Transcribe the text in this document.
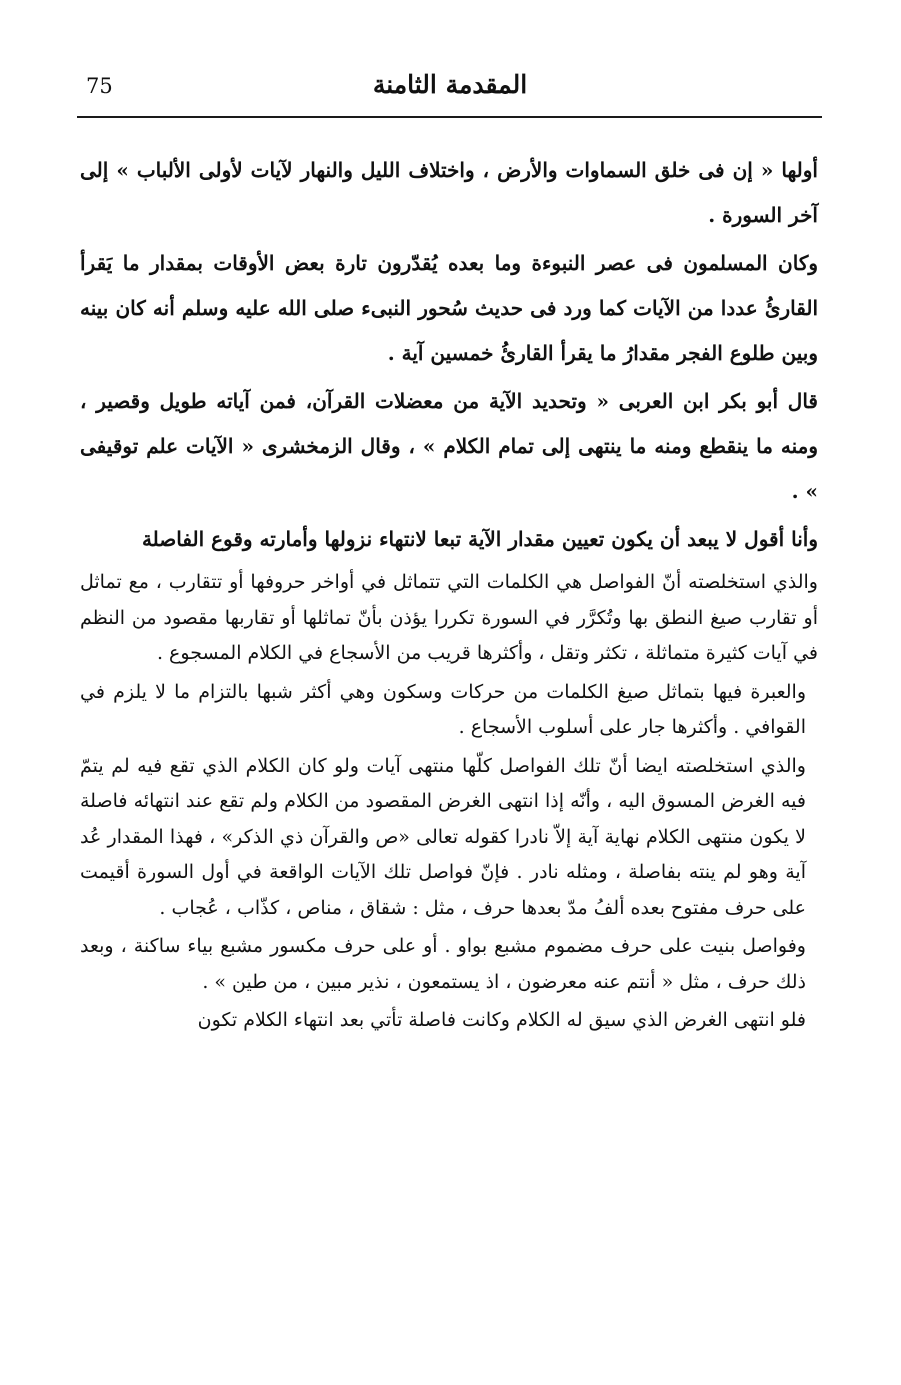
75	المقدمة الثامنة

أولها « إن فى خلق السماوات والأرض ، واختلاف الليل والنهار لآيات لأولى الألباب » إلى آخر السورة .

وكان المسلمون فى عصر النبوءة وما بعده يُقدّرون تارة بعض الأوقات بمقدار ما يَقرأ القارئُ عددا من الآيات كما ورد فى حديث سُحور النبىء صلى الله عليه وسلم أنه كان بينه وبين طلوع الفجر مقدارُ ما يقرأ القارئُ خمسين آية .

قال أبو بكر ابن العربى « وتحديد الآية من معضلات القرآن، فمن آياته طويل وقصير ، ومنه ما ينقطع ومنه ما ينتهى إلى تمام الكلام » ، وقال الزمخشرى « الآيات علم توقيفى » .

وأنا أقول لا يبعد أن يكون تعيين مقدار الآية تبعا لانتهاء نزولها وأمارته وقوع الفاصلة

والذي استخلصته أنّ الفواصل هي الكلمات التي تتماثل في أواخر حروفها أو تتقارب ، مع تماثل أو تقارب صيغ النطق بها وتُكرَّر في السورة تكررا يؤذن بأنّ تماثلها أو تقاربها مقصود من النظم في آيات كثيرة متماثلة ، تكثر وتقل ، وأكثرها قريب من الأسجاع في الكلام المسجوع .

والعبرة فيها بتماثل صيغ الكلمات من حركات وسكون وهي أكثر شبها بالتزام ما لا يلزم في القوافي . وأكثرها جار على أسلوب الأسجاع .

والذي استخلصته ايضا أنّ تلك الفواصل كلّها منتهى آيات ولو كان الكلام الذي تقع فيه لم يتمّ فيه الغرض المسوق اليه ، وأنّه إذا انتهى الغرض المقصود من الكلام ولم تقع عند انتهائه فاصلة لا يكون منتهى الكلام نهاية آية إلاّ نادرا كقوله تعالى «ص والقرآن ذي الذكر» ، فهذا المقدار عُد آية وهو لم ينته بفاصلة ، ومثله نادر . فإنّ فواصل تلك الآيات الواقعة في أول السورة أقيمت على حرف مفتوح بعده ألفُ مدّ بعدها حرف ، مثل : شقاق ، مناص ، كذّاب ، عُجاب .

وفواصل بنيت على حرف مضموم مشبع بواو . أو على حرف مكسور مشبع بياء ساكنة ، وبعد ذلك حرف ، مثل « أنتم عنه معرضون ، اذ يستمعون ، نذير مبين ، من طين » .

فلو انتهى الغرض الذي سيق له الكلام وكانت فاصلة تأتي بعد انتهاء الكلام تكون
